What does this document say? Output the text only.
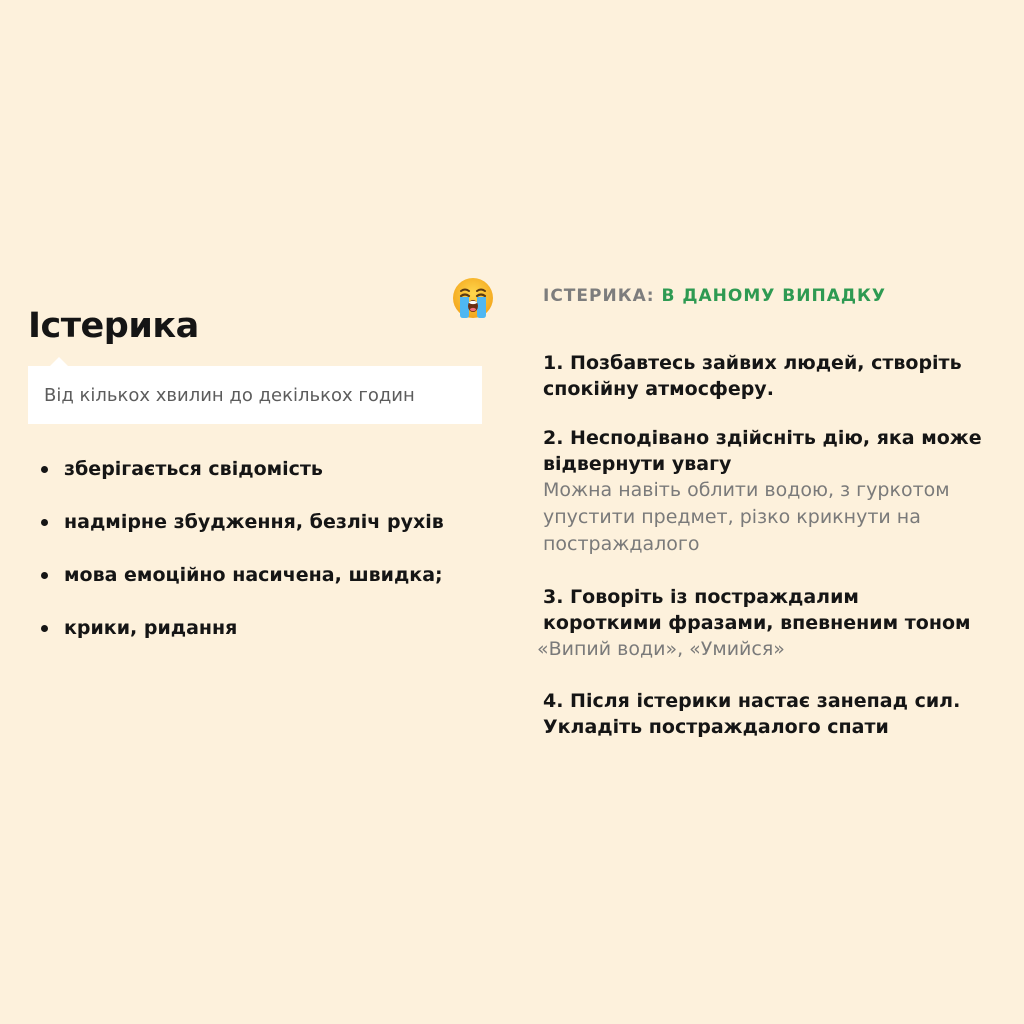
Істерика
Від кількох хвилин до декількох годин
зберігається свідомість
надмірне збудження, безліч рухів
мова емоційно насичена, швидка;
крики, ридання
ІСТЕРИКА: В ДАНОМУ ВИПАДКУ
1. Позбавтесь зайвих людей, створіть
спокійну атмосферу.
2. Несподівано здійсніть дію, яка може
відвернути увагу
Можна навіть облити водою, з гуркотом
упустити предмет, різко крикнути на
постраждалого
3. Говоріть із постраждалим
короткими фразами, впевненим тоном
«Випий води», «Умийся»
4. Після істерики настає занепад сил.
Укладіть постраждалого спати
